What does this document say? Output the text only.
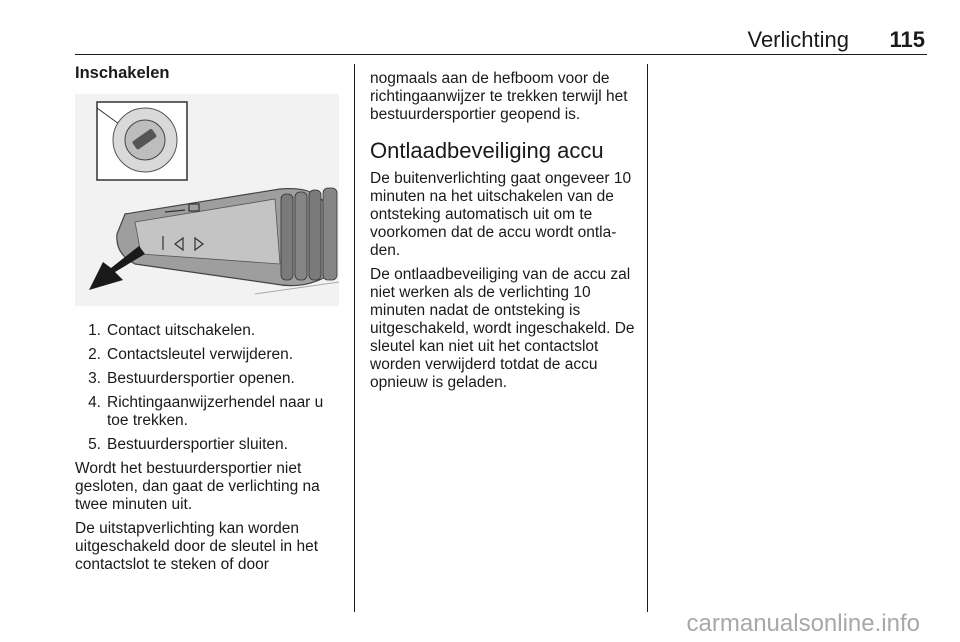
Verlichting 115
Inschakelen
1. Contact uitschakelen.
2. Contactsleutel verwijderen.
3. Bestuurdersportier openen.
4. Richtingaanwijzerhendel naar u toe trekken.
5. Bestuurdersportier sluiten.

Wordt het bestuurdersportier niet gesloten, dan gaat de verlichting na twee minuten uit.

De uitstapverlichting kan worden uitgeschakeld door de sleutel in het contactslot te steken of door

nogmaals aan de hefboom voor de richtingaanwijzer te trekken terwijl het bestuurdersportier geopend is.

Ontlaadbeveiliging accu

De buitenverlichting gaat ongeveer 10 minuten na het uitschakelen van de ontsteking automatisch uit om te voorkomen dat de accu wordt ontladen.

De ontlaadbeveiliging van de accu zal niet werken als de verlichting 10 minuten nadat de ontsteking is uitgeschakeld, wordt ingeschakeld. De sleutel kan niet uit het contactslot worden verwijderd totdat de accu opnieuw is geladen.

carmanualsonline.info
